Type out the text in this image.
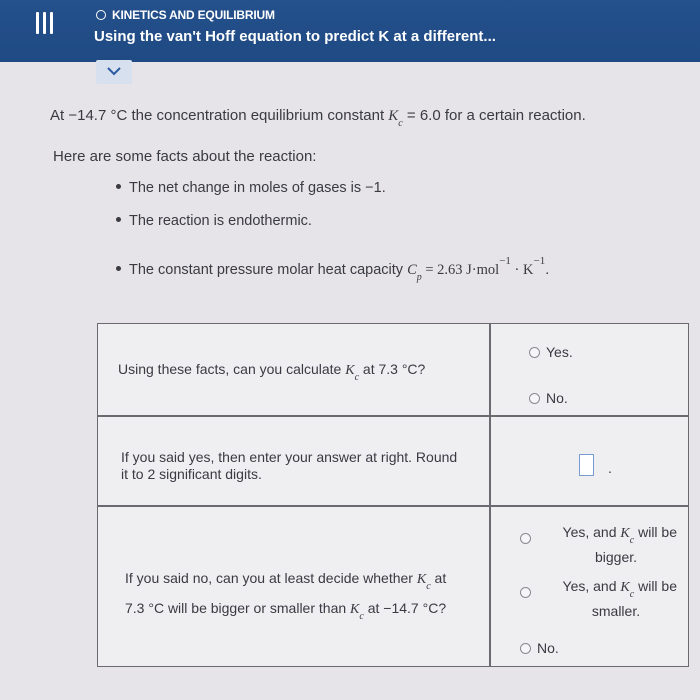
KINETICS AND EQUILIBRIUM
Using the van't Hoff equation to predict K at a different...
At −14.7 °C the concentration equilibrium constant $K_c = 6.0$ for a certain reaction.
Here are some facts about the reaction:
The net change in moles of gases is −1.
The reaction is endothermic.
The constant pressure molar heat capacity $C_p = 2.63$ $J\cdot mol^{-1} \cdot K^{-1}$.
Using these facts, can you calculate $K_c$ at 7.3 °C?
Yes.
No.
If you said yes, then enter your answer at right. Round
it to 2 significant digits.	.
If you said no, can you at least decide whether $K_c$ at
7.3 °C will be bigger or smaller than $K_c$ at −14.7 °C?
Yes, and $K_c$ will be
bigger.
Yes, and $K_c$ will be
smaller.
No.
